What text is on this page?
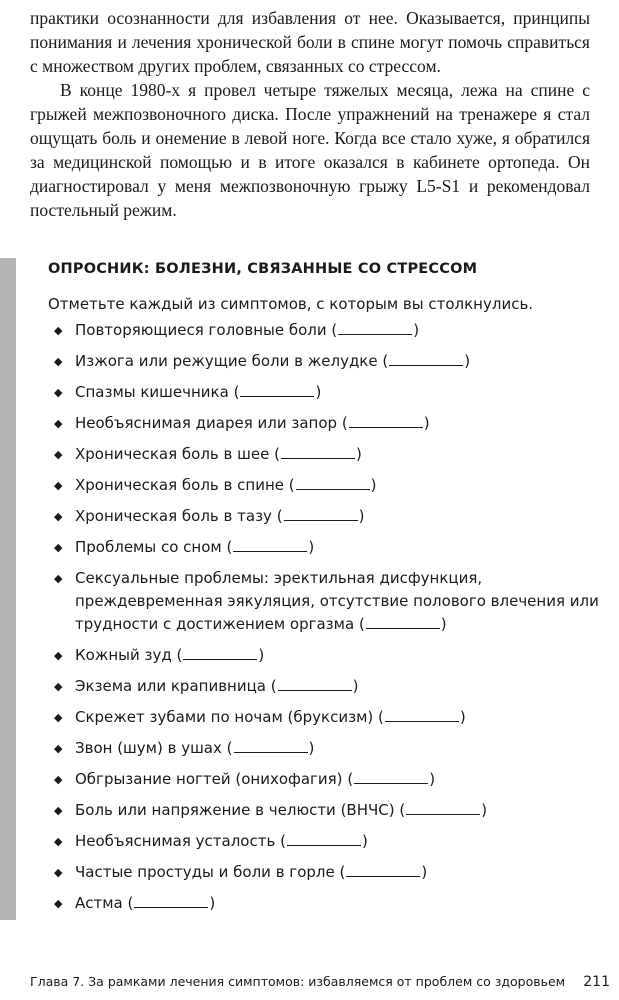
практики осознанности для избавления от нее. Оказывается, принципы понимания и лечения хронической боли в спине могут помочь справиться с множеством других проблем, связанных со стрессом.

В конце 1980-х я провел четыре тяжелых месяца, лежа на спине с грыжей межпозвоночного диска. После упражнений на тренажере я стал ощущать боль и онемение в левой ноге. Когда все стало хуже, я обратился за медицинской помощью и в итоге оказался в кабинете ортопеда. Он диагностировал у меня межпозвоночную грыжу L5-S1 и рекомендовал постельный режим.

ОПРОСНИК: БОЛЕЗНИ, СВЯЗАННЫЕ СО СТРЕССОМ

Отметьте каждый из симптомов, с которым вы столкнулись.

◆ Повторяющиеся головные боли (	)
◆ Изжога или режущие боли в желудке (	)
◆ Спазмы кишечника (	)
◆ Необъяснимая диарея или запор (	)
◆ Хроническая боль в шее (	)
◆ Хроническая боль в спине (	)
◆ Хроническая боль в тазу (	)
◆ Проблемы со сном (	)
◆ Сексуальные проблемы: эректильная дисфункция, преждевременная эякуляция, отсутствие полового влечения или трудности с достижением оргазма (	)
◆ Кожный зуд (	)
◆ Экзема или крапивница (	)
◆ Скрежет зубами по ночам (бруксизм) (	)
◆ Звон (шум) в ушах (	)
◆ Обгрызание ногтей (онихофагия) (	)
◆ Боль или напряжение в челюсти (ВНЧС) (	)
◆ Необъяснимая усталость (	)
◆ Частые простуды и боли в горле (	)
◆ Астма (	)
Глава 7. За рамками лечения симптомов: избавляемся от проблем со здоровьем 211
